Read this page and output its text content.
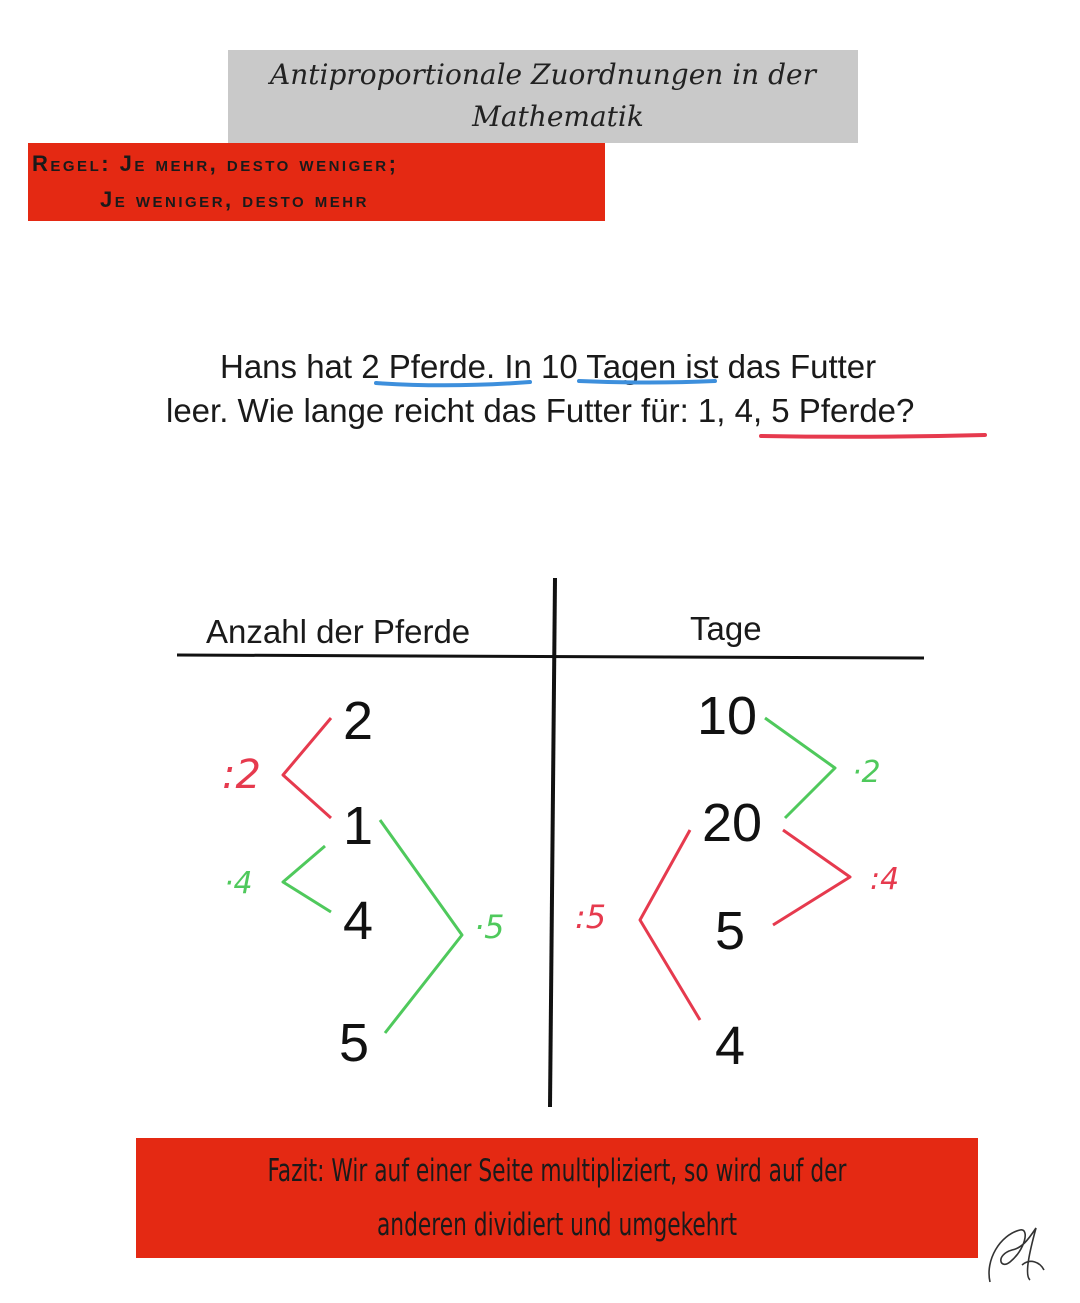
Antiproportionale Zuordnungen in der
Mathematik
Regel: Je mehr, desto weniger;
Je weniger, desto mehr
Hans hat 2 Pferde. In 10 Tagen ist das Futter
leer. Wie lange reicht das Futter für: 1, 4, 5 Pferde?
Anzahl der Pferde	Tage
2
1
4
5
10
20
5
4
:2
·4
·5
·2
:4
:5
Fazit: Wir auf einer Seite multipliziert, so wird auf der
anderen dividiert und umgekehrt
